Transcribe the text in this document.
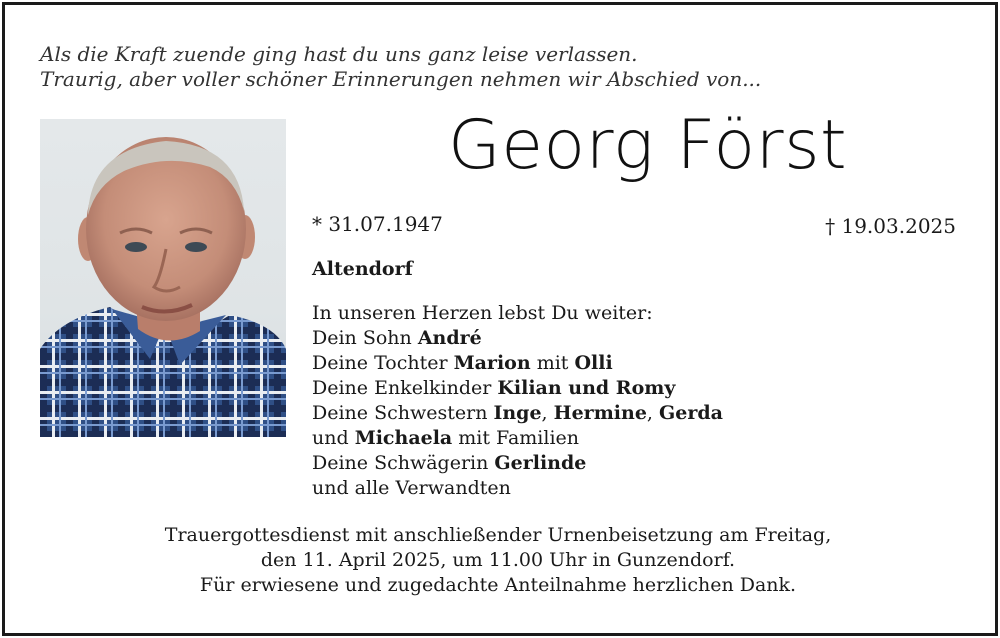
Als die Kraft zuende ging hast du uns ganz leise verlassen.
Traurig, aber voller schöner Erinnerungen nehmen wir Abschied von...
Georg Först
* 31.07.1947	† 19.03.2025
Altendorf
In unseren Herzen lebst Du weiter:
Dein Sohn André
Deine Tochter Marion mit Olli
Deine Enkelkinder Kilian und Romy
Deine Schwestern Inge, Hermine, Gerda
und Michaela mit Familien
Deine Schwägerin Gerlinde
und alle Verwandten
Trauergottesdienst mit anschließender Urnenbeisetzung am Freitag,
den 11. April 2025, um 11.00 Uhr in Gunzendorf.
Für erwiesene und zugedachte Anteilnahme herzlichen Dank.
